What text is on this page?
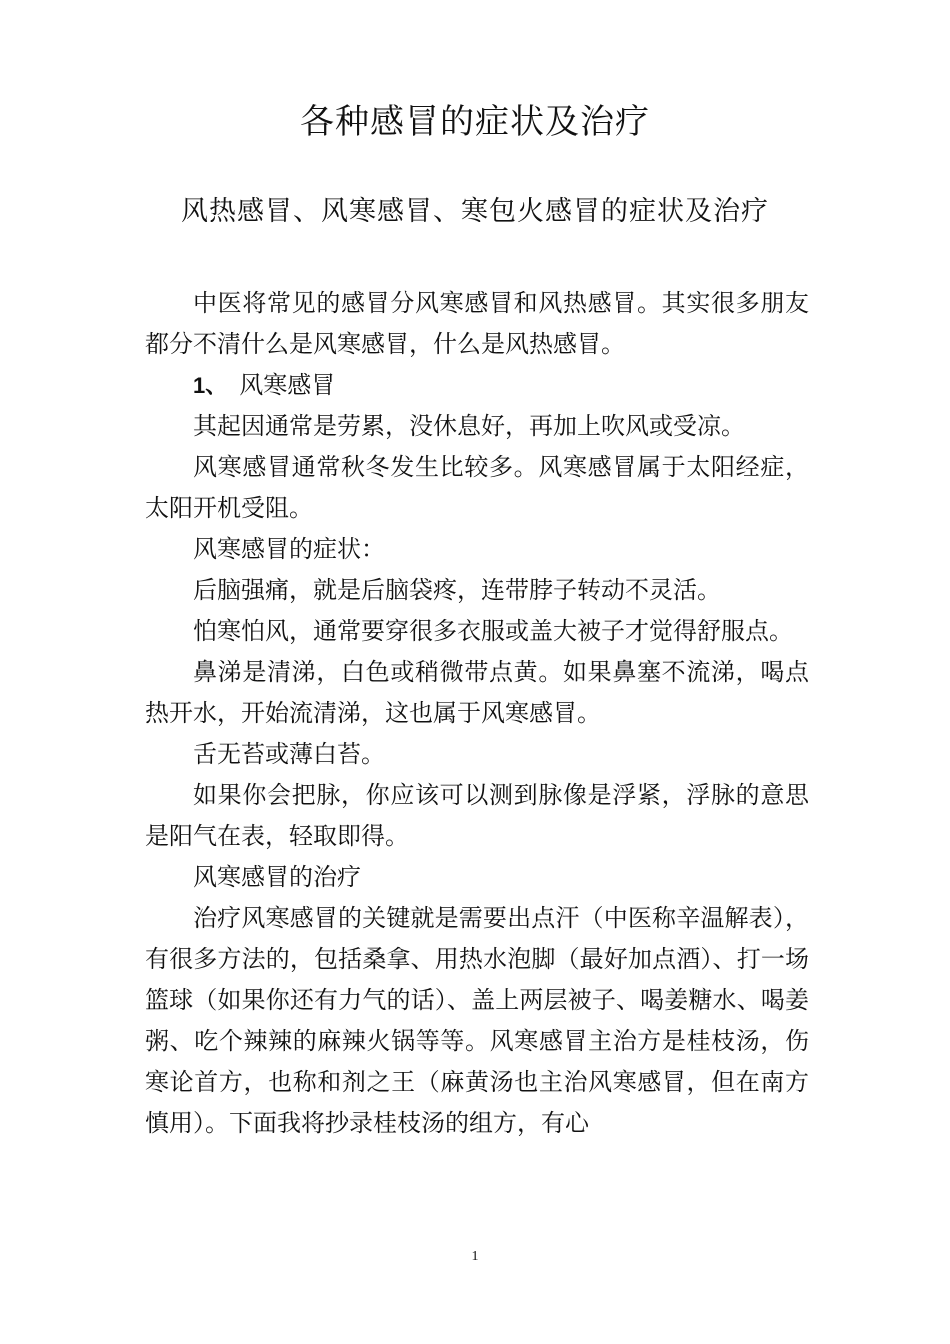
各种感冒的症状及治疗
风热感冒、风寒感冒、寒包火感冒的症状及治疗

中医将常见的感冒分风寒感冒和风热感冒。其实很多朋友都分不清什么是风寒感冒，什么是风热感冒。

1、 风寒感冒

其起因通常是劳累，没休息好，再加上吹风或受凉。

风寒感冒通常秋冬发生比较多。风寒感冒属于太阳经症，太阳开机受阻。

风寒感冒的症状：

后脑强痛，就是后脑袋疼，连带脖子转动不灵活。

怕寒怕风，通常要穿很多衣服或盖大被子才觉得舒服点。

鼻涕是清涕，白色或稍微带点黄。如果鼻塞不流涕，喝点热开水，开始流清涕，这也属于风寒感冒。

舌无苔或薄白苔。

如果你会把脉，你应该可以测到脉像是浮紧，浮脉的意思是阳气在表，轻取即得。

风寒感冒的治疗

治疗风寒感冒的关键就是需要出点汗（中医称辛温解表），有很多方法的，包括桑拿、用热水泡脚（最好加点酒）、打一场篮球（如果你还有力气的话）、盖上两层被子、喝姜糖水、喝姜粥、吃个辣辣的麻辣火锅等等。风寒感冒主治方是桂枝汤，伤寒论首方，也称和剂之王（麻黄汤也主治风寒感冒，但在南方慎用）。下面我将抄录桂枝汤的组方，有心

1
